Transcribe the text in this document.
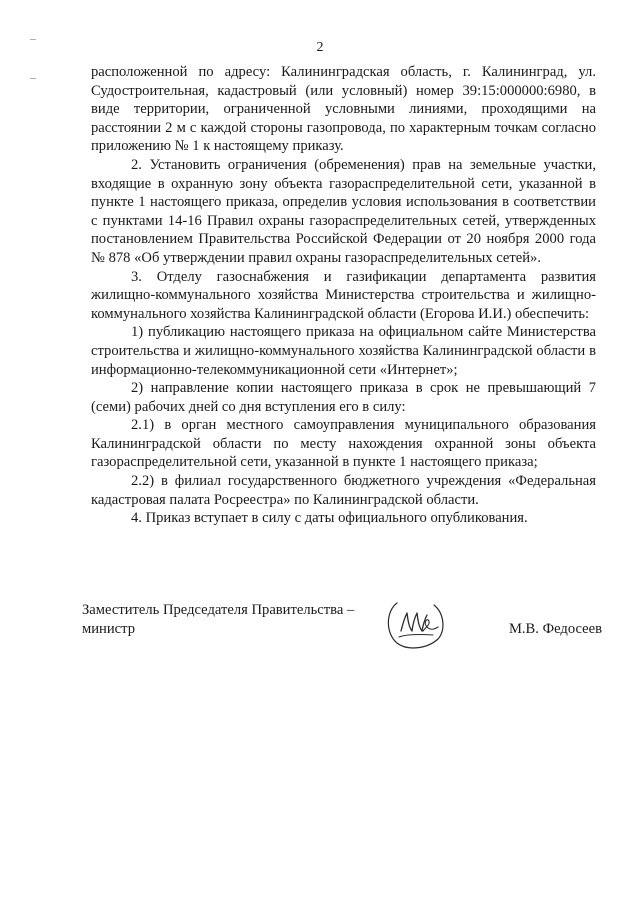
2

расположенной по адресу: Калининградская область, г. Калининград, ул. Судостроительная, кадастровый (или условный) номер 39:15:000000:6980, в виде территории, ограниченной условными линиями, проходящими на расстоянии 2 м с каждой стороны газопровода, по характерным точкам согласно приложению № 1 к настоящему приказу.

2. Установить ограничения (обременения) прав на земельные участки, входящие в охранную зону объекта газораспределительной сети, указанной в пункте 1 настоящего приказа, определив условия использования в соответствии с пунктами 14-16 Правил охраны газораспределительных сетей, утвержденных постановлением Правительства Российской Федерации от 20 ноября 2000 года № 878 «Об утверждении правил охраны газораспределительных сетей».

3. Отделу газоснабжения и газификации департамента развития жилищно-коммунального хозяйства Министерства строительства и жилищно-коммунального хозяйства Калининградской области (Егорова И.И.) обеспечить:

1) публикацию настоящего приказа на официальном сайте Министерства строительства и жилищно-коммунального хозяйства Калининградской области в информационно-телекоммуникационной сети «Интернет»;

2) направление копии настоящего приказа в срок не превышающий 7 (семи) рабочих дней со дня вступления его в силу:

2.1) в орган местного самоуправления муниципального образования Калининградской области по месту нахождения охранной зоны объекта газораспределительной сети, указанной в пункте 1 настоящего приказа;

2.2) в филиал государственного бюджетного учреждения «Федеральная кадастровая палата Росреестра» по Калининградской области.

4. Приказ вступает в силу с даты официального опубликования.

Заместитель Председателя Правительства –
министр	М.В. Федосеев
